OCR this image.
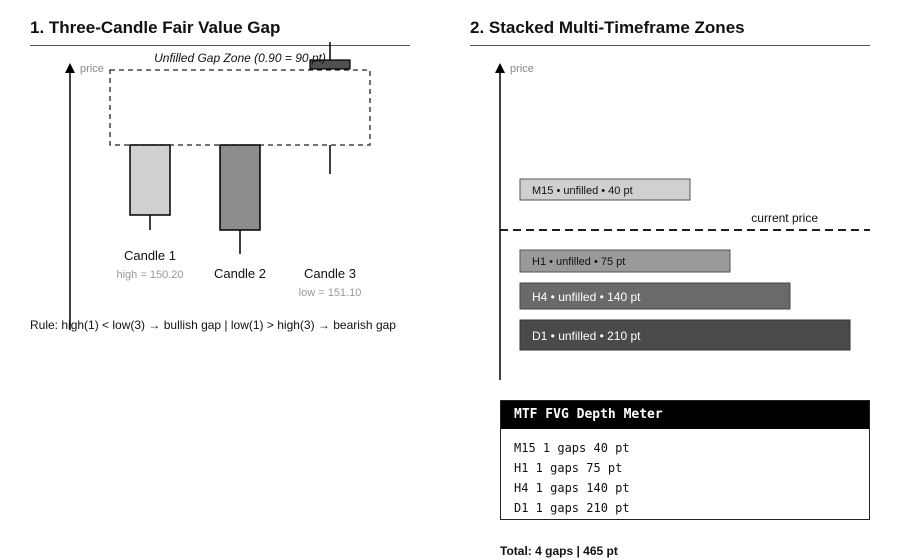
1. Three-Candle Fair Value Gap	2. Stacked Multi-Timeframe Zones
price
Candle 1
high = 150.20 Candle 2	Candle 3
low = 151.10
Unfilled Gap Zone (0.90 = 90 pt)
price
current price
M15 • unfilled • 40 pt
H1 • unfilled • 75 pt
H4 • unfilled • 140 pt
D1 • unfilled • 210 pt
Rule: high(1) < low(3) → bullish gap | low(1) > high(3) → bearish gap
MTF FVG Depth Meter
M15 1 gaps 40 pt
H1 1 gaps 75 pt
H4 1 gaps 140 pt
D1 1 gaps 210 pt
Total: 4 gaps | 465 pt
